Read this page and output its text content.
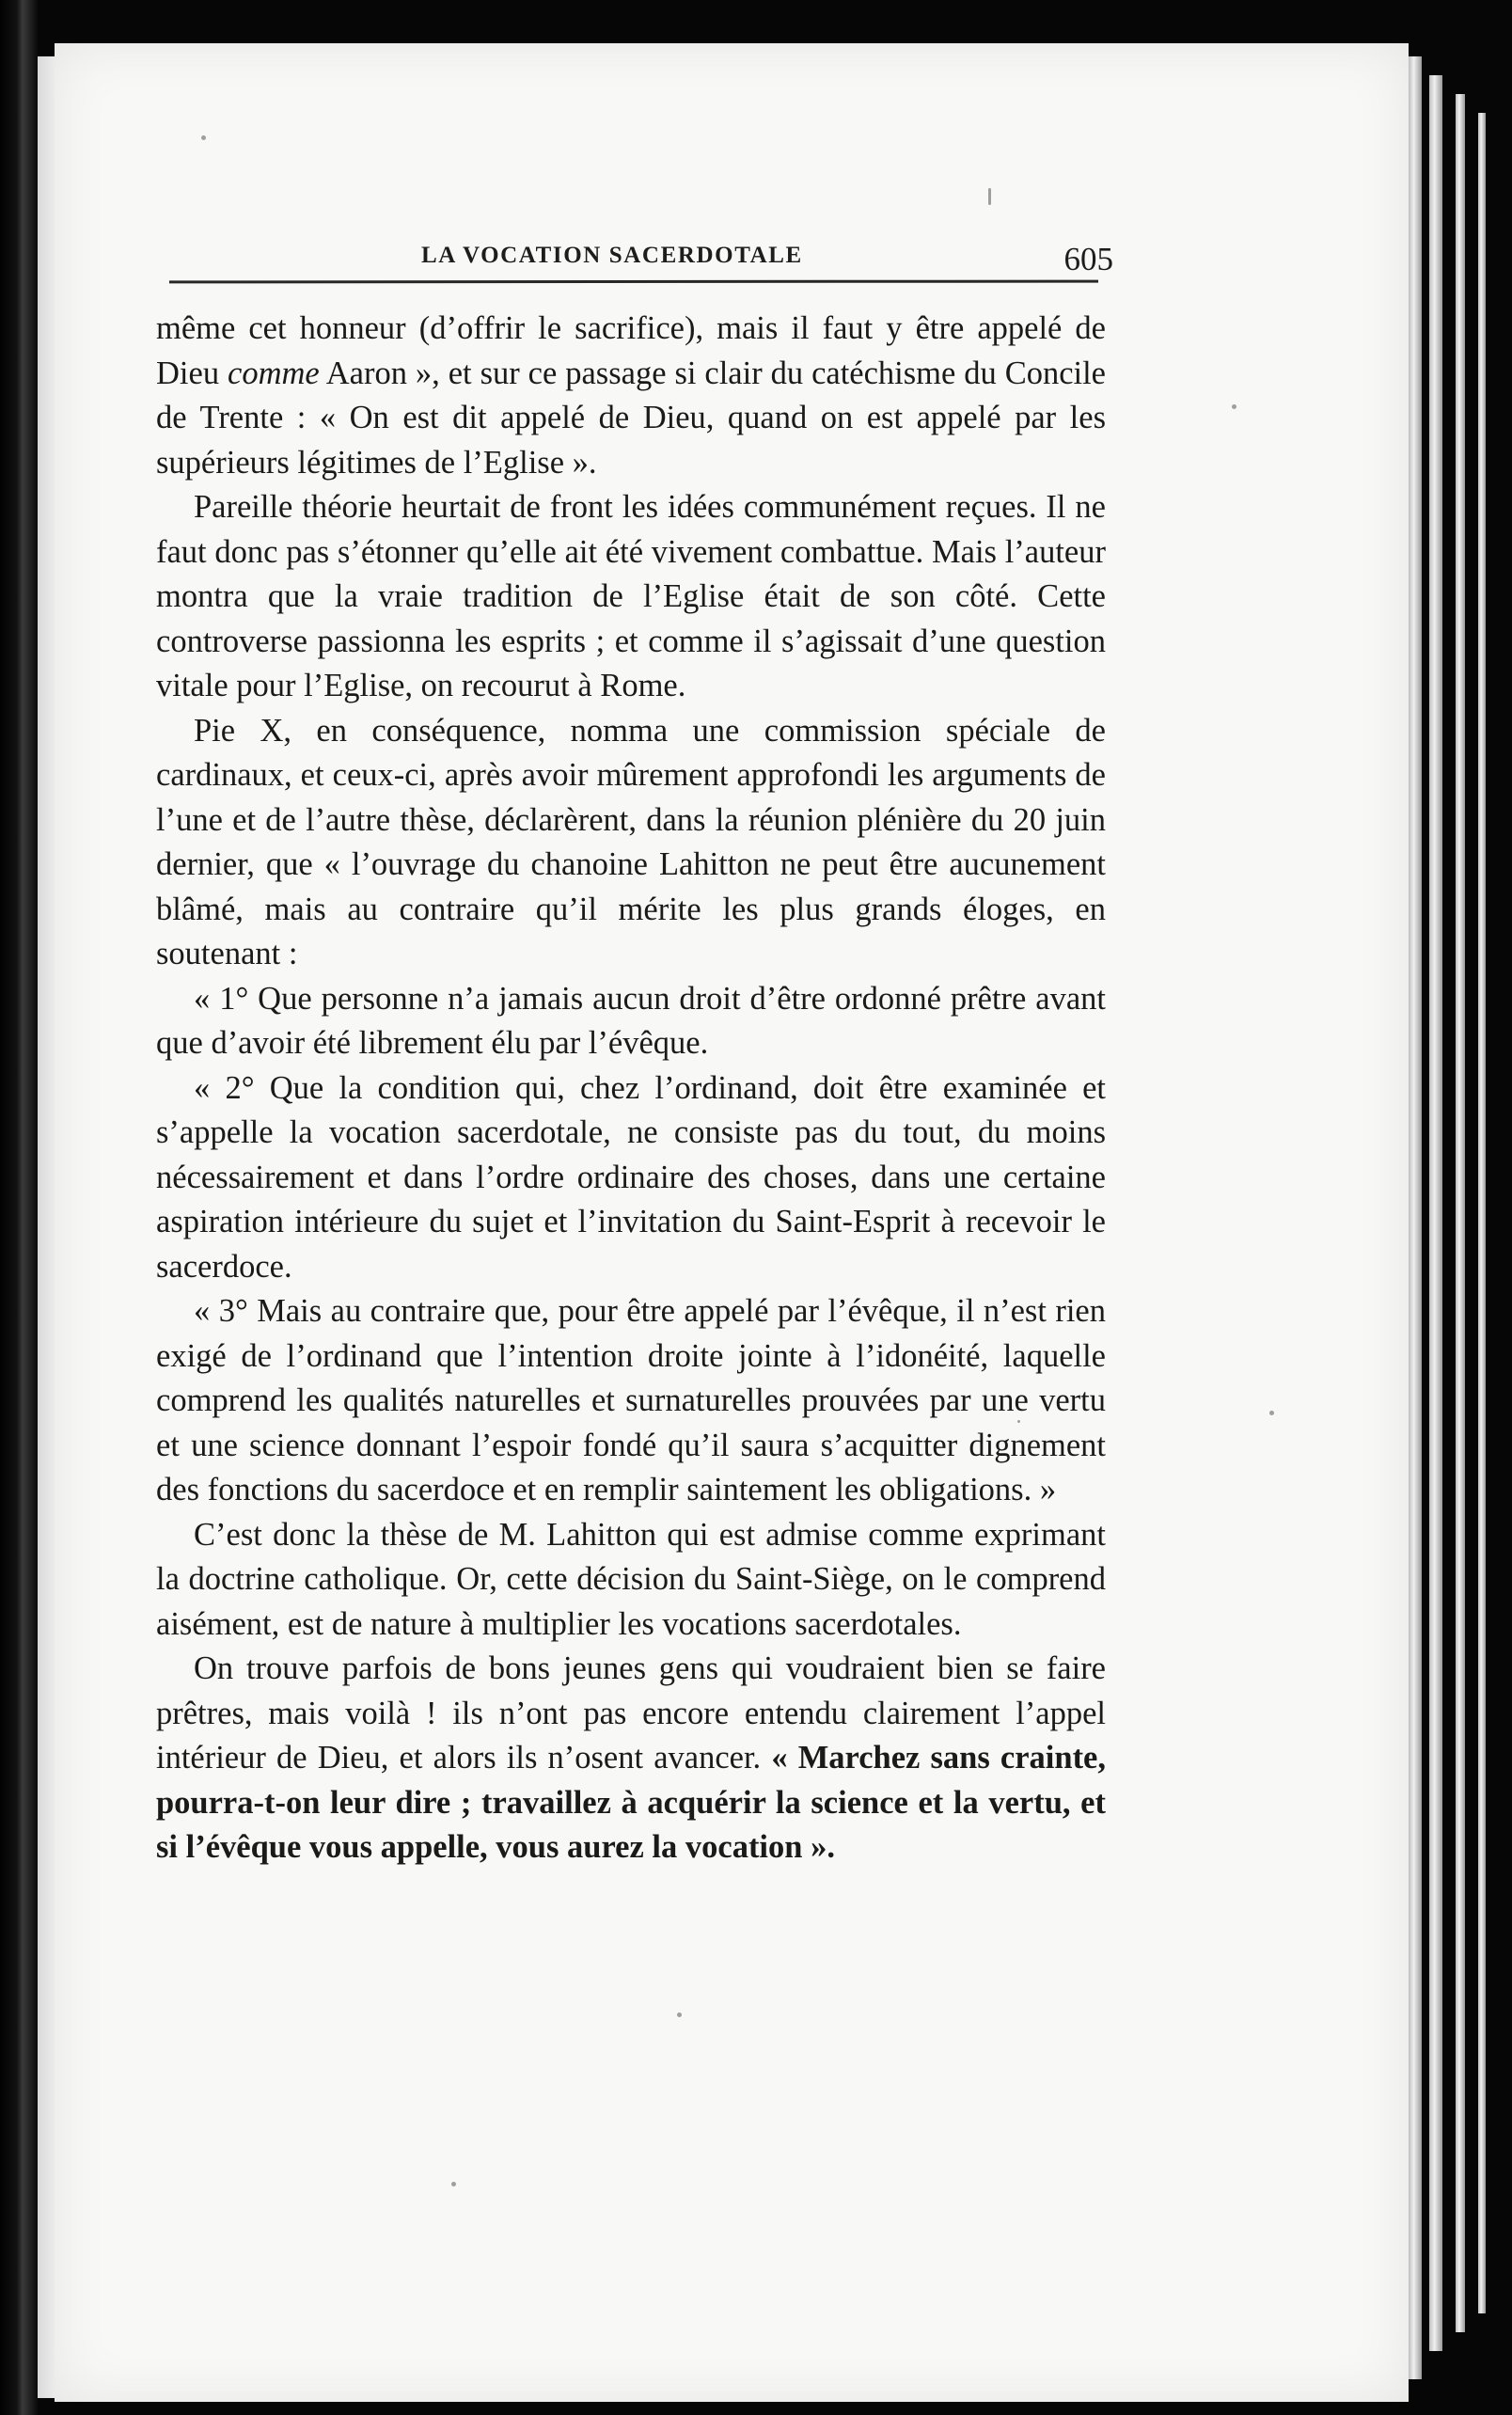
LA VOCATION SACERDOTALE	605

même cet honneur (d’offrir le sacrifice), mais il faut y être appelé de Dieu comme Aaron », et sur ce passage si clair du catéchisme du Concile de Trente : « On est dit appelé de Dieu, quand on est appelé par les supérieurs légitimes de l’Eglise ».

Pareille théorie heurtait de front les idées communément reçues. Il ne faut donc pas s’étonner qu’elle ait été vivement combattue. Mais l’auteur montra que la vraie tradition de l’Eglise était de son côté. Cette controverse passionna les esprits ; et comme il s’agissait d’une question vitale pour l’Eglise, on recourut à Rome.

Pie X, en conséquence, nomma une commission spéciale de cardinaux, et ceux-ci, après avoir mûrement approfondi les arguments de l’une et de l’autre thèse, déclarèrent, dans la réunion plénière du 20 juin dernier, que « l’ouvrage du chanoine Lahitton ne peut être aucunement blâmé, mais au contraire qu’il mérite les plus grands éloges, en soutenant :

« 1° Que personne n’a jamais aucun droit d’être ordonné prêtre avant que d’avoir été librement élu par l’évêque.

« 2° Que la condition qui, chez l’ordinand, doit être examinée et s’appelle la vocation sacerdotale, ne consiste pas du tout, du moins nécessairement et dans l’ordre ordinaire des choses, dans une certaine aspiration intérieure du sujet et l’invitation du Saint-Esprit à recevoir le sacerdoce.

« 3° Mais au contraire que, pour être appelé par l’évêque, il n’est rien exigé de l’ordinand que l’intention droite jointe à l’idonéité, laquelle comprend les qualités naturelles et surnaturelles prouvées par une vertu et une science donnant l’espoir fondé qu’il saura s’acquitter dignement des fonctions du sacerdoce et en remplir saintement les obligations. »

C’est donc la thèse de M. Lahitton qui est admise comme exprimant la doctrine catholique. Or, cette décision du Saint-Siège, on le comprend aisément, est de nature à multiplier les vocations sacerdotales.

On trouve parfois de bons jeunes gens qui voudraient bien se faire prêtres, mais voilà ! ils n’ont pas encore entendu clairement l’appel intérieur de Dieu, et alors ils n’osent avancer. « Marchez sans crainte, pourra-t-on leur dire ; travaillez à acquérir la science et la vertu, et si l’évêque vous appelle, vous aurez la vocation ».
